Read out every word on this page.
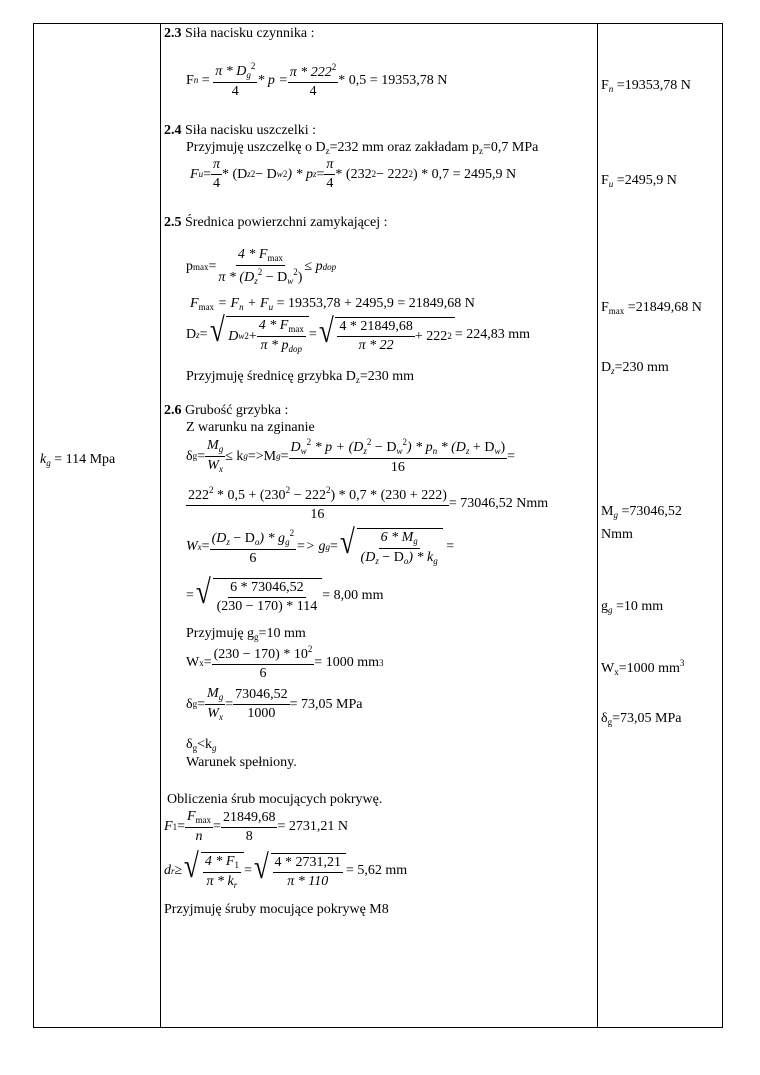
$k_g = 114$ Mpa
2.3 Siła nacisku czynnika :
F $n = \frac{\pi * D_g^2}{4} * p = \frac{\pi * 222^2}{4} * 0,5 = 19353,78$ N	$F_n =19353,78$ N
2.4 Siła nacisku uszczelki :
Przyjmuję uszczelkę o $D_z=232$ mm oraz zakładam $p_z=0,7$ MPa
F $u = \frac{\pi}{4} * (D$ z 2 − D w 2 ) * p $z = \frac{\pi}{4} * (232$ 2 − 222 2 ) * 0,7 = 2495,9 N	$F_u =2495,9$ N
2.5 Średnica powierzchni zamykającej :
p $\max = \frac{4 * F_{max}}{\pi * (D_z^2 - D_w^2)} \le p$ dop
$F_{max} = F_n + F_u = 19353,78 + 2495,9 = 21849,68$ N
D z = √ D w $2 + \frac{4 * F_{max}}{\pi * p_{dop}}$ = √ $\frac{4 * 21849,68}{\pi * 22} + 222$ 2 = 224,83 mm
Przyjmuję średnicę grzybka $D_z=230$ mm
$F_{max} =21849,68$ N
$D_z=230$ mm
2.6 Grubość grzybka :
Z warunku na zginanie
δ $g = \frac{M_g}{W_x} \le k$ g =>M $g = \frac{D_w^2 * p + (D_z^2 - D_w^2) * p_n * (D_z + D_w)}{16}$ =
$\frac{222^2 * 0,5 + (230^2 - 222^2) * 0,7 * (230 + 222)}{16} = 73046,52$ Nmm
W $x = \frac{(D_z - D_o) * g_g^2}{6} => g$ g = √ $\frac{6 * M_g}{(D_z - D_o) * k_g}$ =
= √ $\frac{6 * 73046,52}{(230 - 170) * 114} = 8,00$ mm
Przyjmuję $g_g=10$ mm
W $x = \frac{(230 - 170) * 10^2}{6} = 1000$ mm 3
δ $g = \frac{M_g}{W_x} = \frac{73046,52}{1000} = 73,05$ MPa
$\delta_g<k_g$
Warunek spełniony.
$M_g =73046,52$
Nmm
$g_g =10$ mm
$W_x=1000$ $mm^3$
$\delta_g=73,05$ MPa
Obliczenia śrub mocujących pokrywę.
F $1 = \frac{F_{max}}{n} = \frac{21849,68}{8} = 2731,21$ N
d r ≥ √ $\frac{4 * F_1}{\pi * k_r}$ = √ $\frac{4 * 2731,21}{\pi * 110} = 5,62$ mm
Przyjmuję śruby mocujące pokrywę M8
